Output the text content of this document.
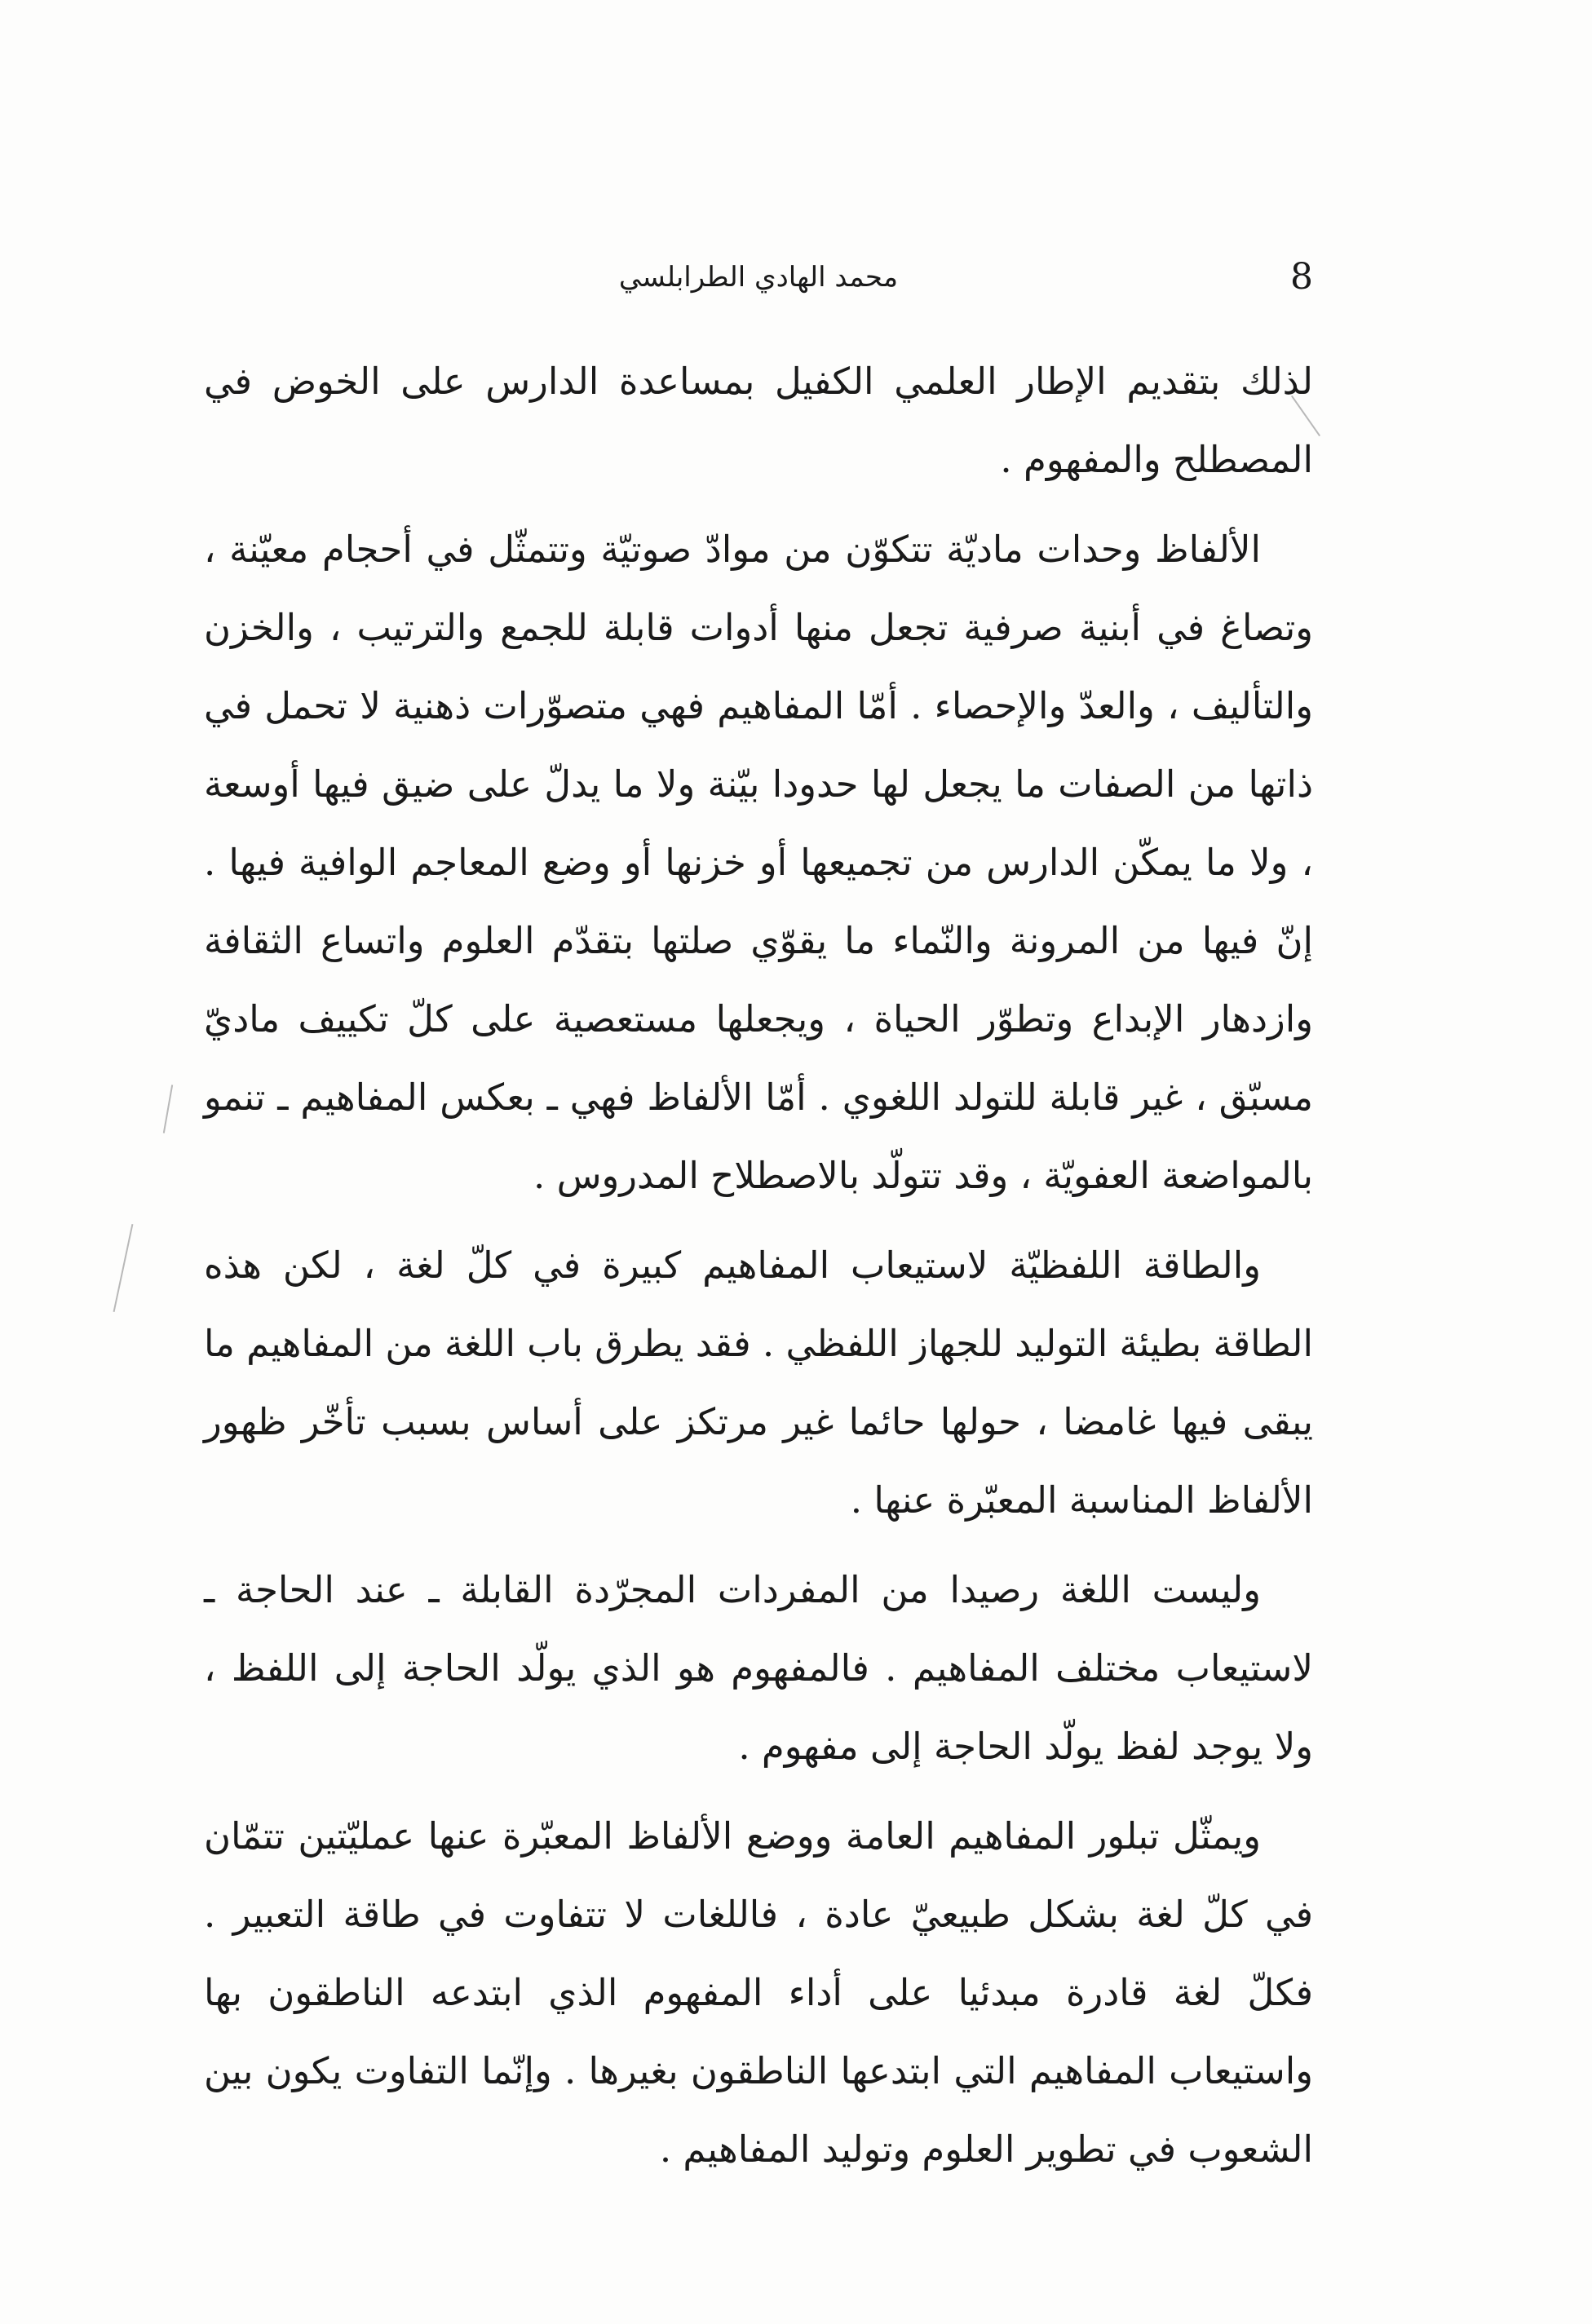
محمد الهادي الطرابلسي	8

لذلك بتقديم الإطار العلمي الكفيل بمساعدة الدارس على الخوض في المصطلح والمفهوم .

الألفاظ وحدات ماديّة تتكوّن من موادّ صوتيّة وتتمثّل في أحجام معيّنة ، وتصاغ في أبنية صرفية تجعل منها أدوات قابلة للجمع والترتيب ، والخزن والتأليف ، والعدّ والإحصاء . أمّا المفاهيم فهي متصوّرات ذهنية لا تحمل في ذاتها من الصفات ما يجعل لها حدودا بيّنة ولا ما يدلّ على ضيق فيها أوسعة ، ولا ما يمكّن الدارس من تجميعها أو خزنها أو وضع المعاجم الوافية فيها . إنّ فيها من المرونة والنّماء ما يقوّي صلتها بتقدّم العلوم واتساع الثقافة وازدهار الإبداع وتطوّر الحياة ، ويجعلها مستعصية على كلّ تكييف ماديّ مسبّق ، غير قابلة للتولد اللغوي . أمّا الألفاظ فهي ـ بعكس المفاهيم ـ تنمو بالمواضعة العفويّة ، وقد تتولّد بالاصطلاح المدروس .

والطاقة اللفظيّة لاستيعاب المفاهيم كبيرة في كلّ لغة ، لكن هذه الطاقة بطيئة التوليد للجهاز اللفظي . فقد يطرق باب اللغة من المفاهيم ما يبقى فيها غامضا ، حولها حائما غير مرتكز على أساس بسبب تأخّر ظهور الألفاظ المناسبة المعبّرة عنها .

وليست اللغة رصيدا من المفردات المجرّدة القابلة ـ عند الحاجة ـ لاستيعاب مختلف المفاهيم . فالمفهوم هو الذي يولّد الحاجة إلى اللفظ ، ولا يوجد لفظ يولّد الحاجة إلى مفهوم .

ويمثّل تبلور المفاهيم العامة ووضع الألفاظ المعبّرة عنها عمليّتين تتمّان في كلّ لغة بشكل طبيعيّ عادة ، فاللغات لا تتفاوت في طاقة التعبير . فكلّ لغة قادرة مبدئيا على أداء المفهوم الذي ابتدعه الناطقون بها واستيعاب المفاهيم التي ابتدعها الناطقون بغيرها . وإنّما التفاوت يكون بين الشعوب في تطوير العلوم وتوليد المفاهيم .
